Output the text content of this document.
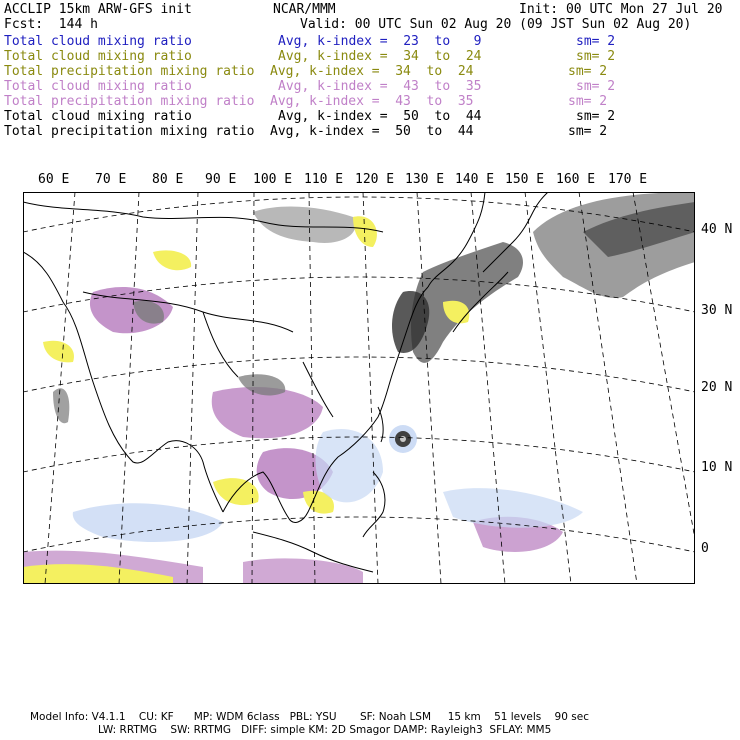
ACCLIP 15km ARW-GFS init	NCAR/MMM	Init: 00 UTC Mon 27 Jul 20
Fcst:  144 h	Valid: 00 UTC Sun 02 Aug 20 (09 JST Sun 02 Aug 20)
Total cloud mixing ratio	Avg, k-index =  23  to   9	sm= 2
Total cloud mixing ratio	Avg, k-index =  34  to  24	sm= 2
Total precipitation mixing ratio Avg, k-index =  34  to  24	sm= 2
Total cloud mixing ratio	Avg, k-index =  43  to  35	sm= 2
Total precipitation mixing ratio Avg, k-index =  43  to  35	sm= 2
Total cloud mixing ratio	Avg, k-index =  50  to  44	sm= 2
Total precipitation mixing ratio Avg, k-index =  50  to  44	sm= 2
60 E 70 E 80 E 90 E 100 E 110 E 120 E 130 E 140 E 150 E 160 E 170 E
40 N
30 N
20 N
10 N
0
Model Info: V4.1.1    CU: KF      MP: WDM 6class   PBL: YSU       SF: Noah LSM     15 km    51 levels    90 sec
LW: RRTMG    SW: RRTMG   DIFF: simple KM: 2D Smagor DAMP: Rayleigh3  SFLAY: MM5
